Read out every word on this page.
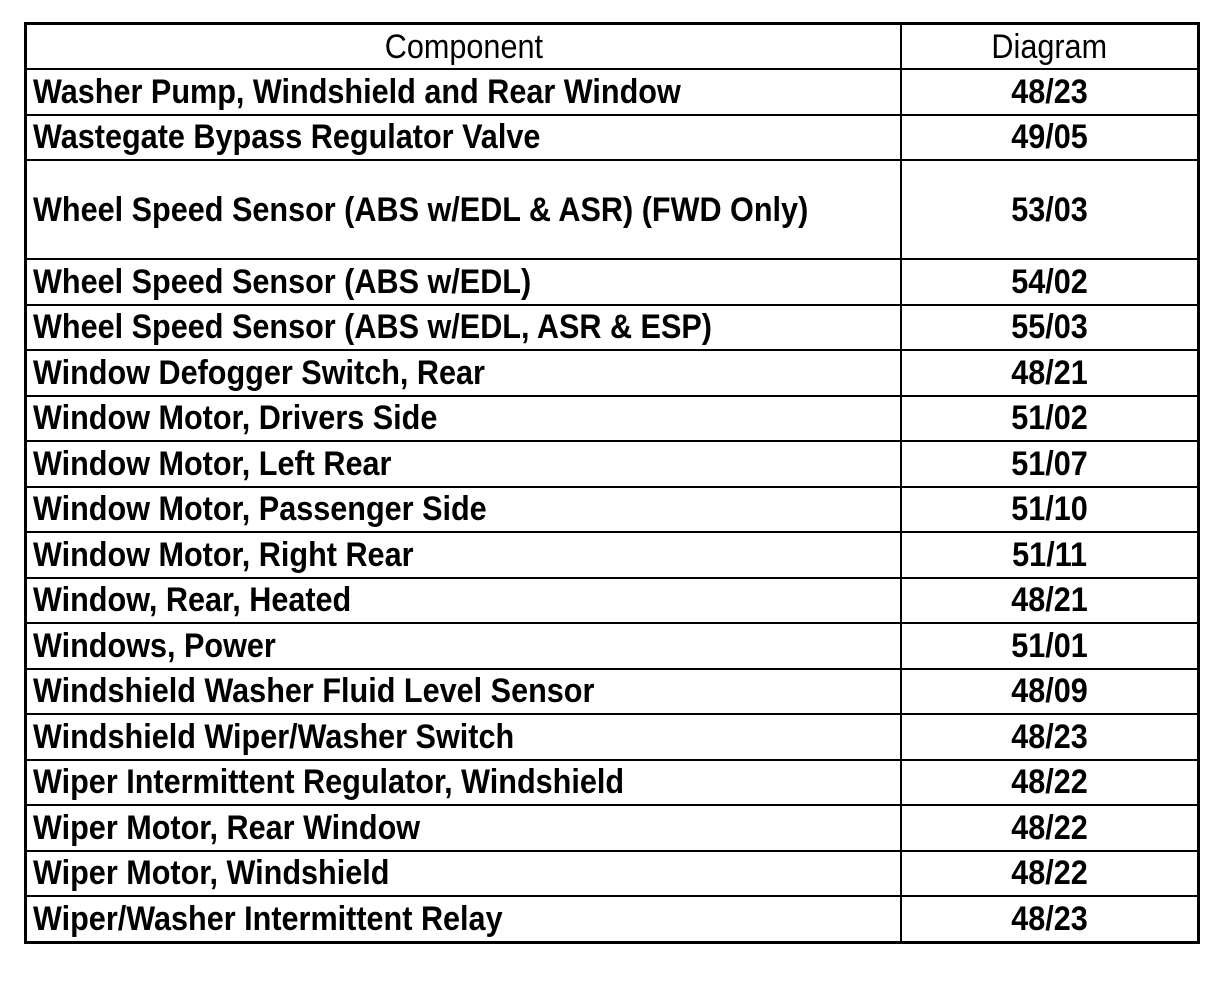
Component	Diagram
Washer Pump, Windshield and Rear Window	48/23
Wastegate Bypass Regulator Valve	49/05
Wheel Speed Sensor (ABS w/EDL & ASR) (FWD Only)	53/03
Wheel Speed Sensor (ABS w/EDL)	54/02
Wheel Speed Sensor (ABS w/EDL, ASR & ESP)	55/03
Window Defogger Switch, Rear	48/21
Window Motor, Drivers Side	51/02
Window Motor, Left Rear	51/07
Window Motor, Passenger Side	51/10
Window Motor, Right Rear	51/11
Window, Rear, Heated	48/21
Windows, Power	51/01
Windshield Washer Fluid Level Sensor	48/09
Windshield Wiper/Washer Switch	48/23
Wiper Intermittent Regulator, Windshield	48/22
Wiper Motor, Rear Window	48/22
Wiper Motor, Windshield	48/22
Wiper/Washer Intermittent Relay	48/23
